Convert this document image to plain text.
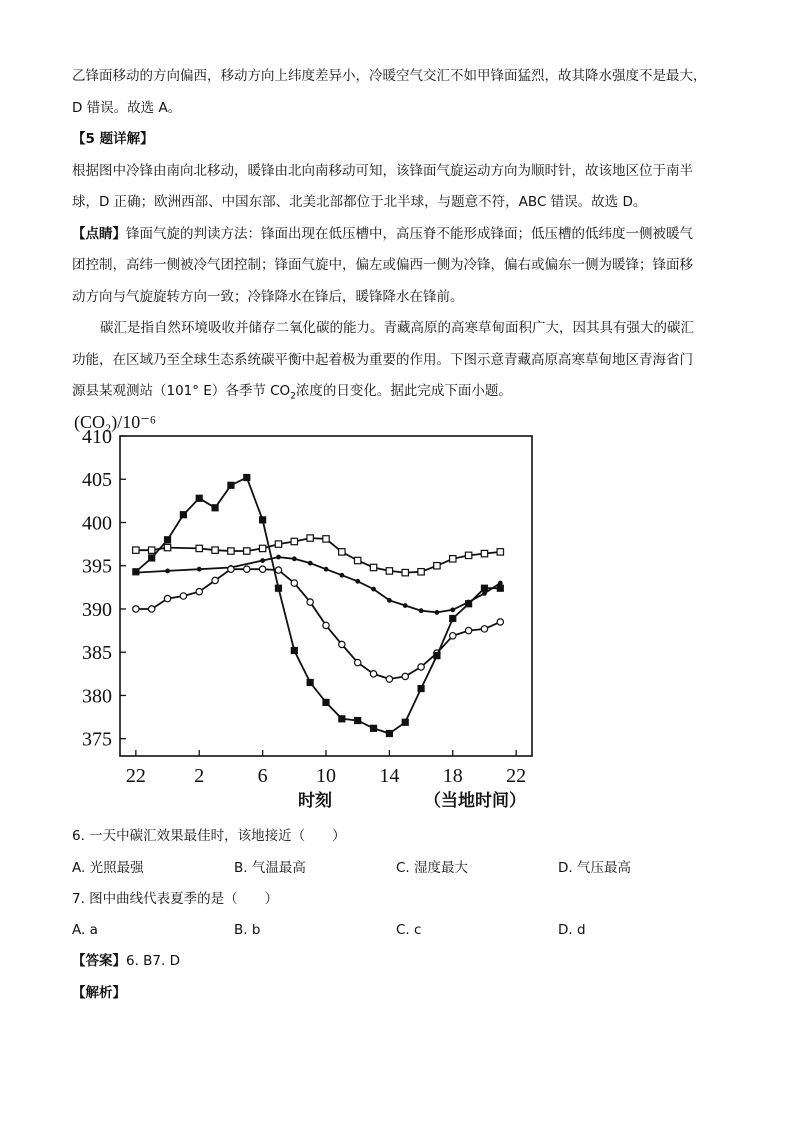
乙锋面移动的方向偏西，移动方向上纬度差异小，冷暖空气交汇不如甲锋面猛烈，故其降水强度不是最大，
D 错误。故选 A。
【5 题详解】
根据图中冷锋由南向北移动，暖锋由北向南移动可知，该锋面气旋运动方向为顺时针，故该地区位于南半
球，D 正确；欧洲西部、中国东部、北美北部都位于北半球，与题意不符，ABC 错误。故选 D。
【点睛】锋面气旋的判读方法：锋面出现在低压槽中，高压脊不能形成锋面；低压槽的低纬度一侧被暖气
团控制，高纬一侧被冷气团控制；锋面气旋中，偏左或偏西一侧为冷锋，偏右或偏东一侧为暖锋；锋面移
动方向与气旋旋转方向一致；冷锋降水在锋后，暖锋降水在锋前。
碳汇是指自然环境吸收并储存二氧化碳的能力。青藏高原的高寒草甸面积广大，因其具有强大的碳汇
功能，在区域乃至全球生态系统碳平衡中起着极为重要的作用。下图示意青藏高原高寒草甸地区青海省门
源县某观测站（101° E）各季节 $CO_2$浓度的日变化。据此完成下面小题。
410
405
400
395
390
385
380
375
22 2	6 10 14 18 22
(CO₂)/10⁻⁶
时刻	（当地时间）
6. 一天中碳汇效果最佳时，该地接近（　　）
A. 光照最强	B. 气温最高	C. 湿度最大	D. 气压最高
7. 图中曲线代表夏季的是（　　）
A. a	B. b	C. c	D. d
【答案】6. B7. D
【解析】
